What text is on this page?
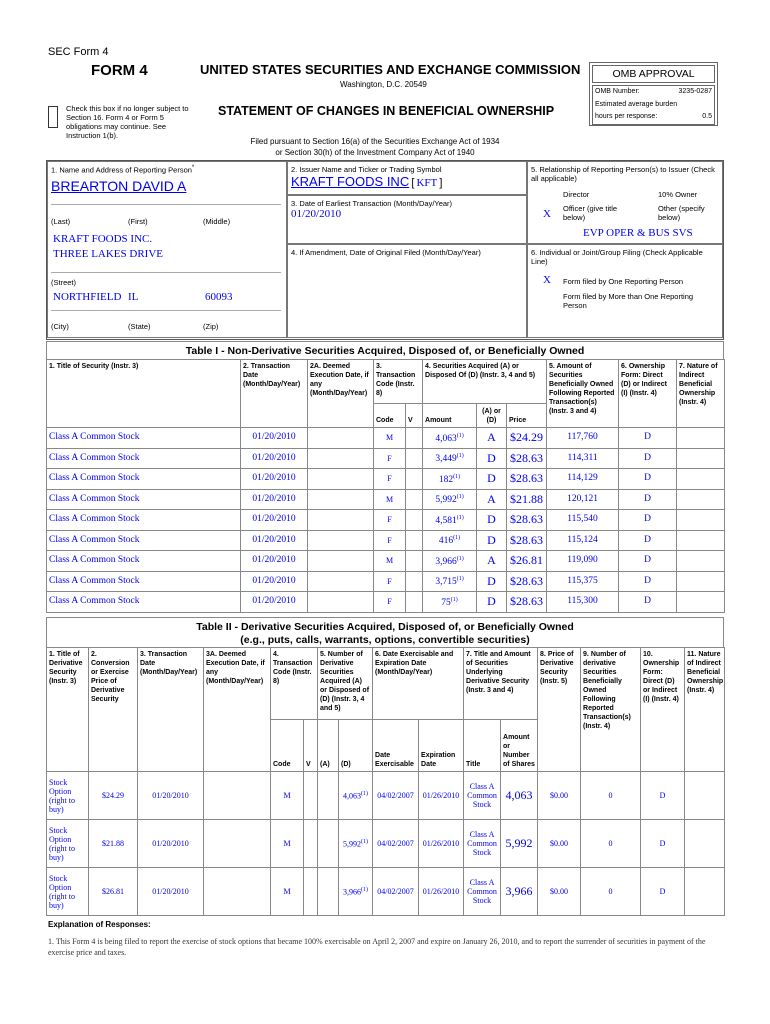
SEC Form 4
FORM 4	UNITED STATES SECURITIES AND EXCHANGE COMMISSION
Washington, D.C. 20549
Check this box if no longer subject to Section 16. Form 4 or Form 5 obligations may continue. See Instruction 1(b).
STATEMENT OF CHANGES IN BENEFICIAL OWNERSHIP
Filed pursuant to Section 16(a) of the Securities Exchange Act of 1934
or Section 30(h) of the Investment Company Act of 1940
OMB APPROVAL
OMB Number:	3235-0287
Estimated average burden
hours per response:	0.5
1. Name and Address of Reporting Person*
BREARTON DAVID A
(Last)	(First)	(Middle)
KRAFT FOODS INC.
THREE LAKES DRIVE
(Street)
NORTHFIELD IL	60093
(City)	(State)	(Zip)
2. Issuer Name and Ticker or Trading Symbol
KRAFT FOODS INC [ KFT ]
3. Date of Earliest Transaction (Month/Day/Year)
01/20/2010
4. If Amendment, Date of Original Filed (Month/Day/Year)
5. Relationship of Reporting Person(s) to Issuer (Check all applicable)
Director	10% Owner
X Officer (give title below)
Other (specify below)
EVP OPER & BUS SVS
6. Individual or Joint/Group Filing (Check Applicable Line)
X Form filed by One Reporting Person
Form filed by More than One Reporting Person
Table I - Non-Derivative Securities Acquired, Disposed of, or Beneficially Owned
1. Title of Security (Instr. 3)	2. Transaction Date (Month/Day/Year)	2A. Deemed Execution Date, if any (Month/Day/Year)	3. Transaction Code (Instr. 8)		4. Securities Acquired (A) or Disposed Of (D) (Instr. 3, 4 and 5)			5. Amount of Securities Beneficially Owned Following Reported Transaction(s) (Instr. 3 and 4)	6. Ownership Form: Direct (D) or Indirect (I) (Instr. 4)	7. Nature of Indirect Beneficial Ownership (Instr. 4)
			Code	V	Amount	(A) or (D)	Price			
Class A Common Stock	01/20/2010		M		4,063$^{(1)}$	A	$24.29	117,760	D	
Class A Common Stock	01/20/2010		F		3,449$^{(1)}$	D	$28.63	114,311	D	
Class A Common Stock	01/20/2010		F		182$^{(1)}$	D	$28.63	114,129	D	
Class A Common Stock	01/20/2010		M		5,992$^{(1)}$	A	$21.88	120,121	D	
Class A Common Stock	01/20/2010		F		4,581$^{(1)}$	D	$28.63	115,540	D	
Class A Common Stock	01/20/2010		F		416$^{(1)}$	D	$28.63	115,124	D	
Class A Common Stock	01/20/2010		M		3,966$^{(1)}$	A	$26.81	119,090	D	
Class A Common Stock	01/20/2010		F		3,715$^{(1)}$	D	$28.63	115,375	D	
Class A Common Stock	01/20/2010		F		75$^{(1)}$	D	$28.63	115,300	D	
Table II - Derivative Securities Acquired, Disposed of, or Beneficially Owned
(e.g., puts, calls, warrants, options, convertible securities)
1. Title of Derivative Security (Instr. 3)	2. Conversion or Exercise Price of Derivative Security	3. Transaction Date (Month/Day/Year)	3A. Deemed Execution Date, if any (Month/Day/Year)	4. Transaction Code (Instr. 8)		5. Number of Derivative Securities Acquired (A) or Disposed of (D) (Instr. 3, 4 and 5)		6. Date Exercisable and Expiration Date (Month/Day/Year)		7. Title and Amount of Securities Underlying Derivative Security (Instr. 3 and 4)		8. Price of Derivative Security (Instr. 5)	9. Number of derivative Securities Beneficially Owned Following Reported Transaction(s) (Instr. 4)	10. Ownership Form: Direct (D) or Indirect (I) (Instr. 4)	11. Nature of Indirect Beneficial Ownership (Instr. 4)
				Code	V	(A)	(D)	Date Exercisable	Expiration Date	Title	Amount or Number of Shares				
Stock Option (right to buy)	$24.29	01/20/2010		M			4,063$^{(1)}$	04/02/2007	01/26/2010	Class A Common Stock	4,063	$0.00	0	D	
Stock Option (right to buy)	$21.88	01/20/2010		M			5,992$^{(1)}$	04/02/2007	01/26/2010	Class A Common Stock	5,992	$0.00	0	D	
Stock Option (right to buy)	$26.81	01/20/2010		M			3,966$^{(1)}$	04/02/2007	01/26/2010	Class A Common Stock	3,966	$0.00	0	D	
Explanation of Responses:
1. This Form 4 is being filed to report the exercise of stock options that became 100% exercisable on April 2, 2007 and expire on January 26, 2010, and to report the surrender of securities in payment of the exercise price and taxes.
